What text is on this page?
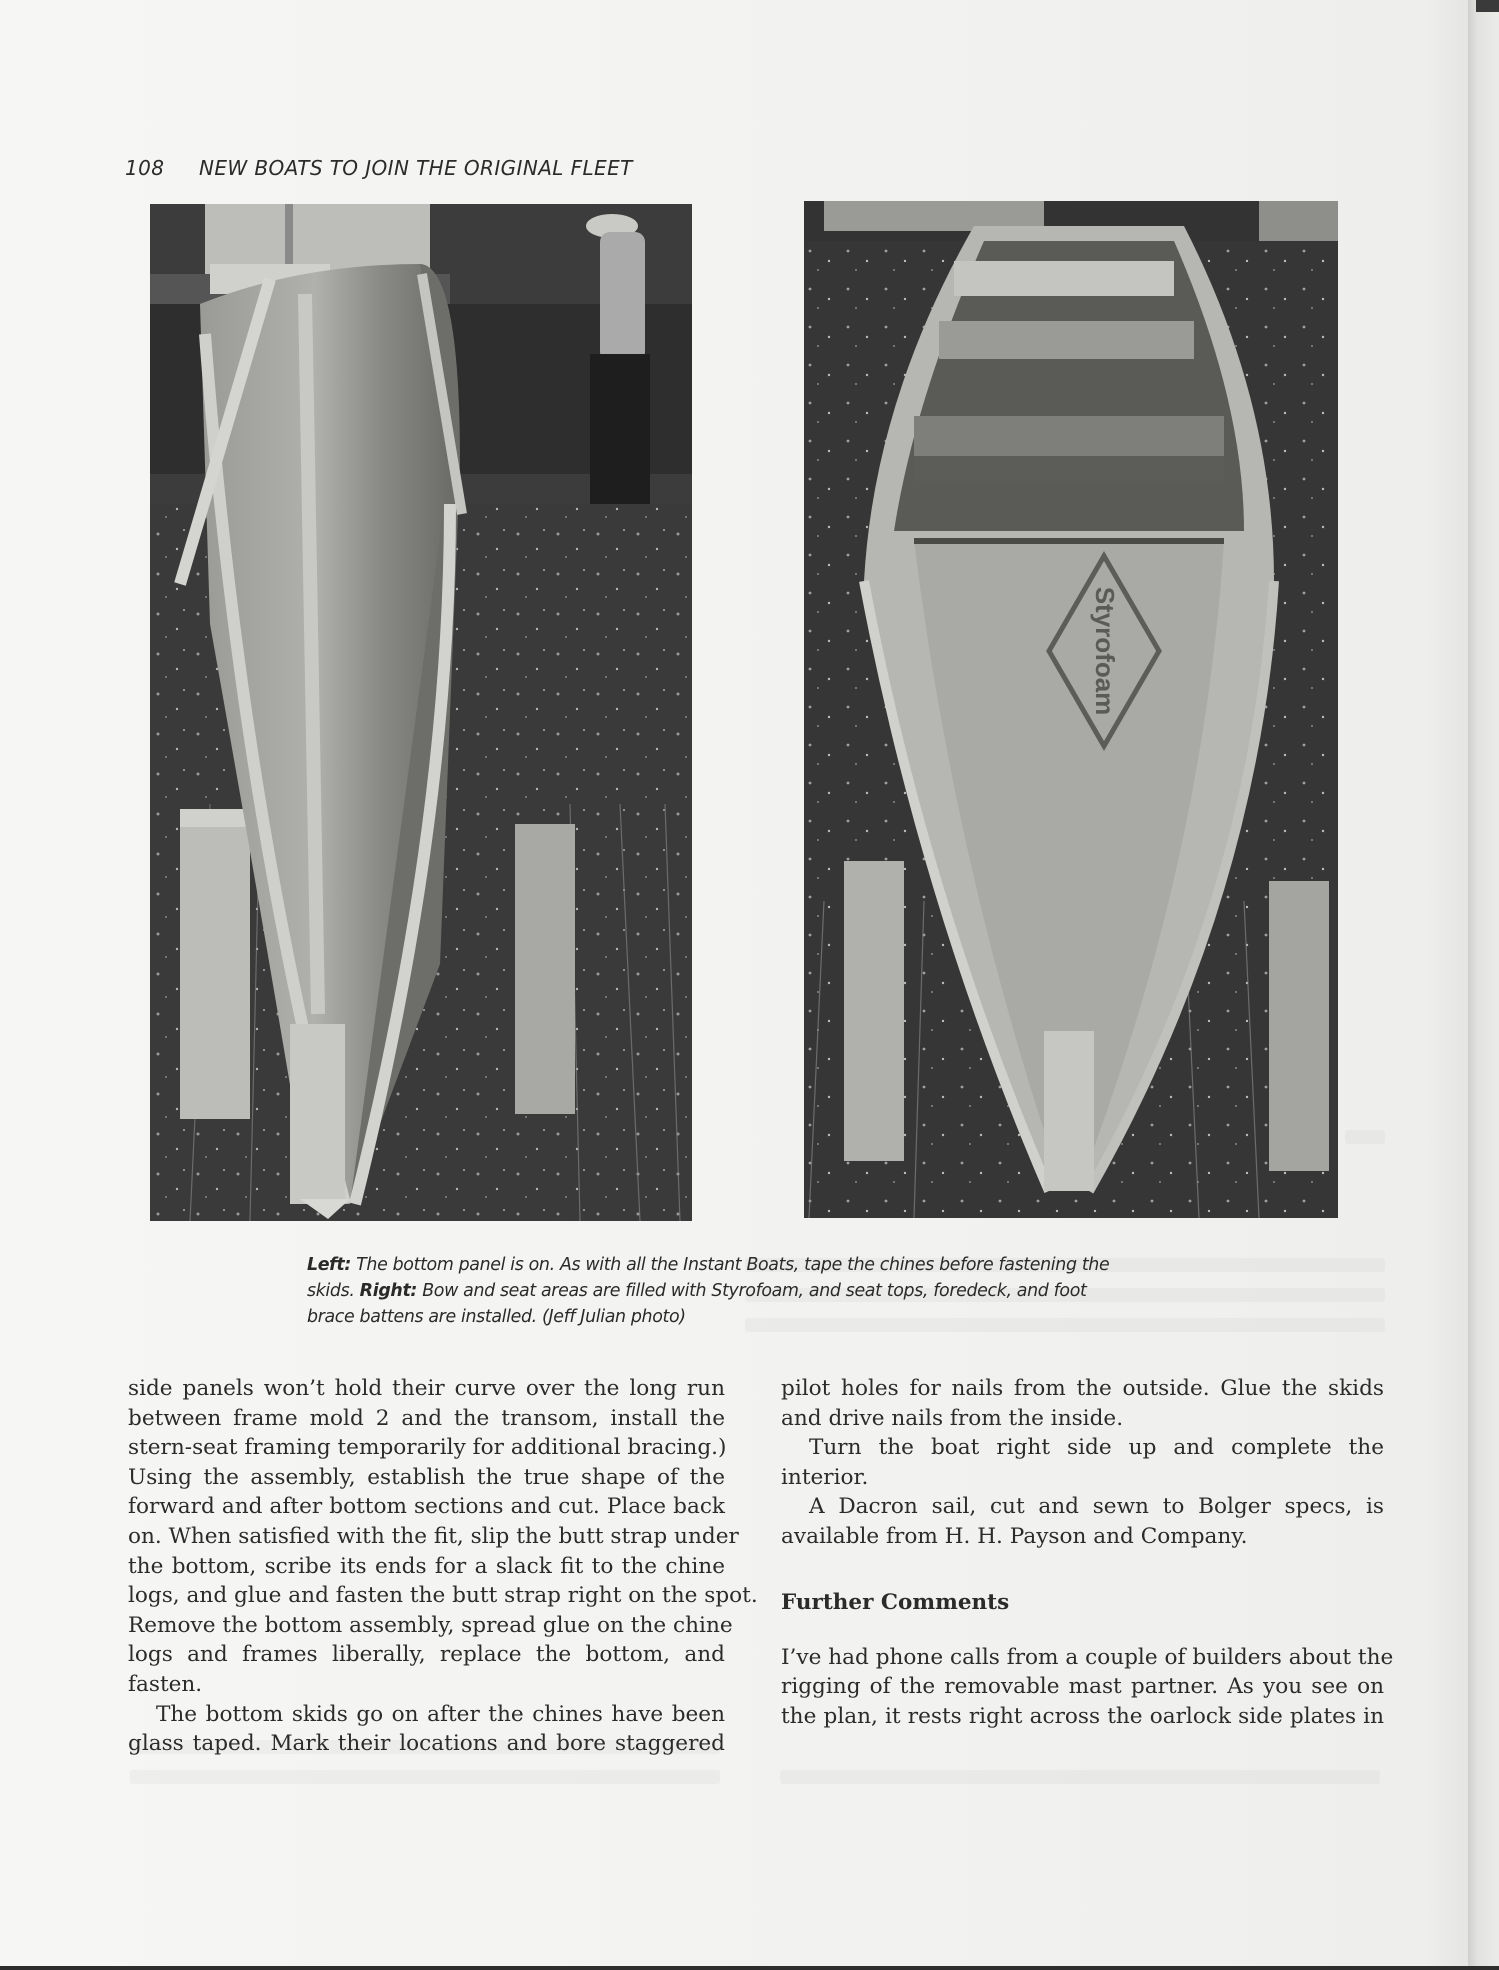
108 NEW BOATS TO JOIN THE ORIGINAL FLEET
Styrofoam
Left: The bottom panel is on. As with all the Instant Boats, tape the chines before fastening the
skids. Right: Bow and seat areas are filled with Styrofoam, and seat tops, foredeck, and foot
brace battens are installed. (Jeff Julian photo)
side panels won’t hold their curve over the long run
between frame mold 2 and the transom, install the
stern-seat framing temporarily for additional bracing.)
Using the assembly, establish the true shape of the
forward and after bottom sections and cut. Place back
on. When satisfied with the fit, slip the butt strap under
the bottom, scribe its ends for a slack fit to the chine
logs, and glue and fasten the butt strap right on the spot.
Remove the bottom assembly, spread glue on the chine
logs and frames liberally, replace the bottom, and
fasten.
The bottom skids go on after the chines have been
glass taped. Mark their locations and bore staggered
pilot holes for nails from the outside. Glue the skids
and drive nails from the inside.
Turn the boat right side up and complete the
interior.
A Dacron sail, cut and sewn to Bolger specs, is
available from H. H. Payson and Company.
Further Comments
I’ve had phone calls from a couple of builders about the
rigging of the removable mast partner. As you see on
the plan, it rests right across the oarlock side plates in
